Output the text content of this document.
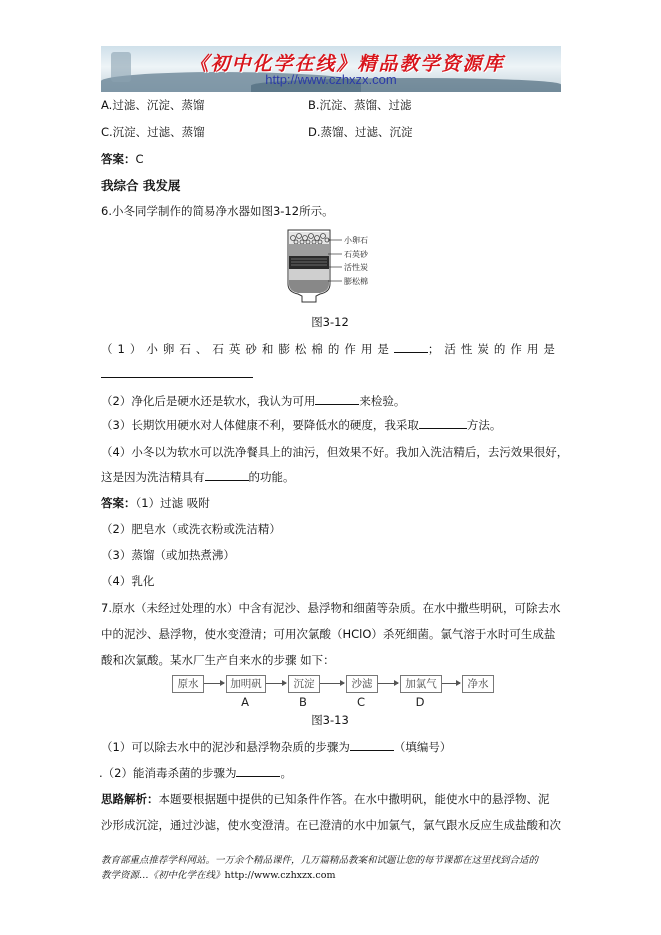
《初中化学在线》精品教学资源库
http://www.czhxzx.com
A.过滤、沉淀、蒸馏	B.沉淀、蒸馏、过滤
C.沉淀、过滤、蒸馏	D.蒸馏、过滤、沉淀
答案：C
我综合 我发展
6.小冬同学制作的简易净水器如图3-12所示。
小卵石
石英砂
活性炭
膨松棉
图3-12
（1）小卵石、石英砂和膨松棉的作用是	；活性炭的作用是
（2）净化后是硬水还是软水，我认为可用	来检验。
（3）长期饮用硬水对人体健康不利，要降低水的硬度，我采取	方法。
（4）小冬以为软水可以洗净餐具上的油污，但效果不好。我加入洗洁精后，去污效果很好，
这是因为洗洁精具有	的功能。
答案：（1）过滤 吸附
（2）肥皂水（或洗衣粉或洗洁精）
（3）蒸馏（或加热煮沸）
（4）乳化
7.原水（未经过处理的水）中含有泥沙、悬浮物和细菌等杂质。在水中撒些明矾，可除去水
中的泥沙、悬浮物，使水变澄清；可用次氯酸（HClO）杀死细菌。氯气溶于水时可生成盐
酸和次氯酸。某水厂生产自来水的步骤 如下：
原水	加明矾	沉淀	沙滤	加氯气	净水
A	B	C	D
图3-13
（1）可以除去水中的泥沙和悬浮物杂质的步骤为	（填编号）
.（2）能消毒杀菌的步骤为	。
思路解析：本题要根据题中提供的已知条件作答。在水中撒明矾，能使水中的悬浮物、泥
沙形成沉淀，通过沙滤，使水变澄清。在已澄清的水中加氯气，氯气跟水反应生成盐酸和次
教育部重点推荐学科网站。一万余个精品课件，几万篇精品教案和试题让您的每节课都在这里找到合适的
教学资源…《初中化学在线》http://www.czhxzx.com
